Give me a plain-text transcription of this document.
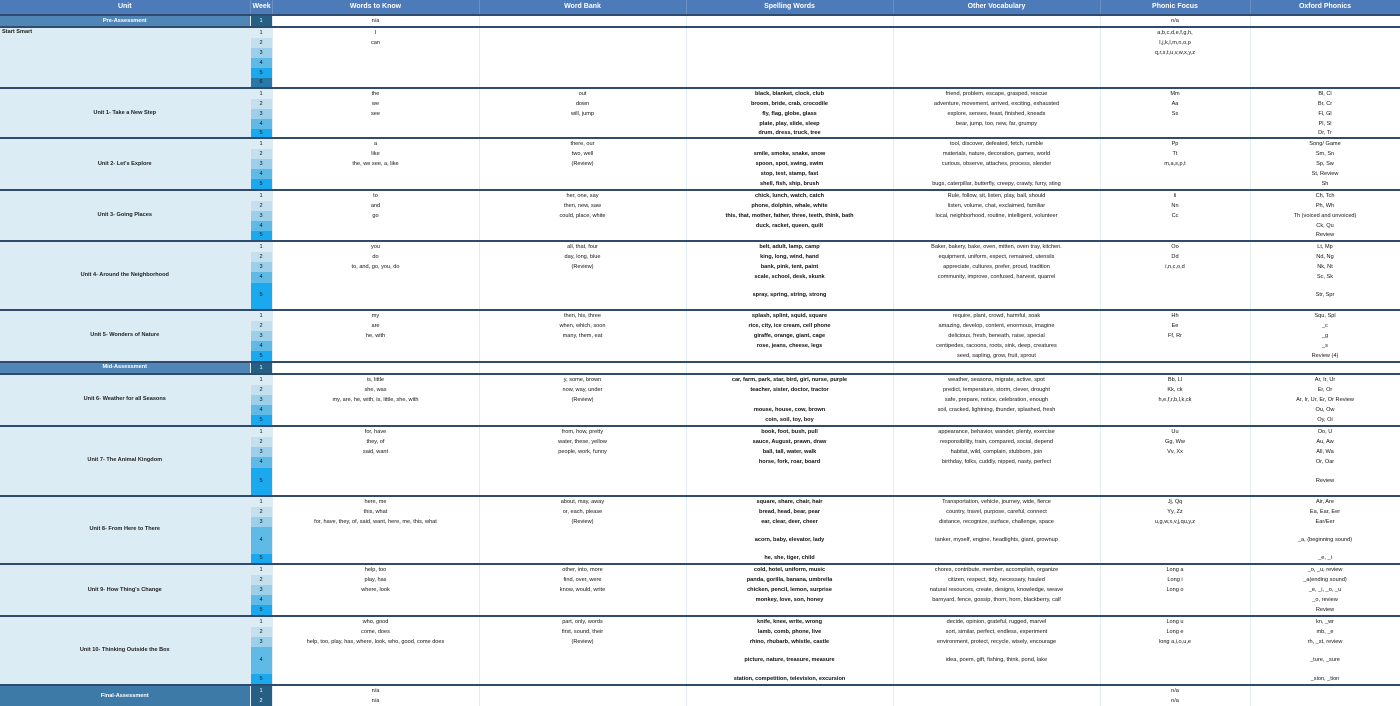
Unit	Week	Words to Know	Word Bank	Spelling Words	Other Vocabulary	Phonic Focus	Oxford Phonics
Pre-Assessment	1	n/a				n/a	
Start Smart	1	I				a,b,c,d,e,f,g,h,	
	2	can				I,j,k,l,m,n,o,p	
	3					q,r,s,t,u,v,w,x,y,z	
	4						
	5						
	6						
Unit 1- Take a New Step	1	the	out	black, blanket, clock, club	friend, problem, escape, grasped, rescue	Mm	Bl, Cl
	2	we	down	broom, bride, crab, crocodile	adventure, movement, arrived, exciting, exhausted	Aa	Br, Cr
	3	see	will, jump	fly, flag, globe, glass	explore, senses, feast, finished, kneads	Ss	Fl, Gl
	4			plate, play, slide, sleep	bear, jump, too, new, far, grumpy		Pl, Sl
	5			drum, dress, truck, tree			Dr, Tr
Unit 2- Let's Explore	1	a	there, our		tool, discover, defeated, fetch, rumble	Pp	Song/ Game
	2	like	two, well	smile, smoke, snake, snow	materials, nature, decoration, games, world	Tt	Sm, Sn
	3	the, we see, a, like	(Review)	spoon, spot, swing, swim	curious, observe, attaches, process, slender	m,a,s,p,t	Sp, Sw
	4			stop, test, stamp, fast			St, Review
	5			shell, fish, ship, brush	bugs, caterpillar, butterfly, creepy, crawly, furry, sting		Sh
Unit 3- Going Places	1	to	her, one, say	chick, lunch, watch, catch	Rule, follow, sit, listen, play, ball, should	Ii	Ch, Tch
	2	and	then, new, saw	phone, dolphin, whale, white	listen, volume, chat, exclaimed, familiar	Nn	Ph, Wh
	3	go	could, place, white	this, that, mother, father, three, teeth, think, bath	local, neighborhood, routine, intelligent, volunteer	Cc	Th (voiced and unvoiced)
	4			duck, racket, queen, quilt			Ck, Qu
	5						Review
Unit 4- Around the Neighborhood	1	you	all, that, four	belt, adult, lamp, camp	Baker, bakery, bake, oven, mitten, oven tray, kitchen.	Oo	Lt, Mp
	2	do	day, long, blue	king, long, wind, hand	equipment, uniform, expect, remained, utensils	Dd	Nd, Ng
	3	to, and, go, you, do	(Review)	bank, pink, tent, paint	appreciate, cultures, prefer, proud, tradition	i,n,c,o,d	Nk, Nt
	4			scale, school, desk, skunk	community, improve, confused, harvest, quarrel		Sc, Sk
	5			spray, spring, string, strong			Str, Spr
Unit 5- Wonders of Nature	1	my	then, his, three	splash, splint, squid, square	require, plant, crowd, harmful, soak	Hh	Squ, Spl
	2	are	when, which, soon	rice, city, ice cream, cell phone	amazing, develop, content, enormous, imagine	Ee	_c
	3	he, with	many, them, eat	giraffe, orange, giant, cage	delicious, fresh, beneath, raise, special	Ff, Rr	_g
	4			rose, jeans, cheese, legs	centipedes, racoons, roots, sink, deep, creatures		_s
	5				seed, sapling, grow, fruit, sprout		Review (4)
Mid-Assessment	1						
Unit 6- Weather for all Seasons	1	is, little	y, some, brown	car, farm, park, star, bird, girl, nurse, purple	weather, seasons, migrate, active, spot	Bb, Ll	Ar, Ir, Ur
	2	she, was	now, way, under	teacher, sister, doctor, tractor	predict, temperature, storm, clever, drought	Kk, ck	Er, Or
	3	my, are, he, with, is, little, she, with	(Review)		safe, prepare, notice, celebration, enough	h,e,f,r,b,l,k,ck	Ar, Ir, Ur, Er, Or Review
	4			mouse, house, cow, brown	soil, cracked, lightning, thunder, splashed, fresh		Ou, Ow
	5			coin, soil, toy, boy			Oy, Oi
Unit 7- The Animal Kingdom	1	for, have	from, how, pretty	book, foot, bush, pull	appearance, behavior, wander, plenty, exercise	Uu	Oo, U
	2	they, of	water, these, yellow	sauce, August, prawn, draw	responsibility, train, compared, social, depend	Gg, Ww	Au, Aw
	3	said, want	people, work, funny	ball, tall, water, walk	habitat, wild, complain, stubborn, join	Vv, Xx	All, Wa
	4			horse, fork, roar, board	birthday, folks, cuddly, nipped, nasty, perfect		Or, Oar
	5						Review
Unit 8- From Here to There	1	here, me	about, may, away	square, share, chair, hair	Transportation, vehicle, journey, wide, fierce	Jj, Qq	Air, Are
	2	this, what	or, each, please	bread, head, bear, pear	country, travel, purpose, careful, connect	Yy, Zz	Ea, Ear, Eer
	3	for, have, they, of, said, want, here, me, this, what	(Review)	ear, clear, deer, cheer	distance, recognize, surface, challenge, space	u,g,w,x,v,j,qu,y,z	Ear/Eer
	4			acorn, baby, elevator, lady	tanker, myself, engine, headlights, giant, grownup		_a, (beginning sound)
	5			he, she, tiger, child			_e, _i
Unit 9- How Thing's Change	1	help, too	other, into, more	cold, hotel, uniform, music	chores, contribute, member, accomplish, organize	Long a	_o, _u, review
	2	play, has	find, over, were	panda, gorilla, banana, umbrella	citizen, respect, tidy, necessary, hauled	Long i	_a(ending sound)
	3	where, look	know, would, write	chicken, pencil, lemon, surprise	natural resources, create, designs, knowledge, weave	Long o	_e, _i, _o, _u
	4			monkey, love, son, honey	barnyard, fence, gossip, thorn, horn, blackberry, calf		_o, review
	5						Review
Unit 10- Thinking Outside the Box	1	who, good	part, only, words	knife, knee, write, wrong	decide, opinion, grateful, rugged, marvel	Long u	kn, _wr
	2	come, does	first, sound, their	lamb, comb, phone, live	sort, similar, perfect, endless, experiment	Long e	mb, _e
	3	help, too, play, has, where, look, who, good, come does	(Review)	rhino, rhubarb, whistle, castle	environment, protect, recycle, wisely, encourage	long a,i,o,u,e	rh, _st, review
	4			picture, nature, treasure, measure	idea, poem, gift, fishing, think, pond, lake		_ture, _sure
	5			station, competition, television, excursion			_sion, _tion
Final-Assessment	1	n/a				n/a	
	2	n/a				n/a	
